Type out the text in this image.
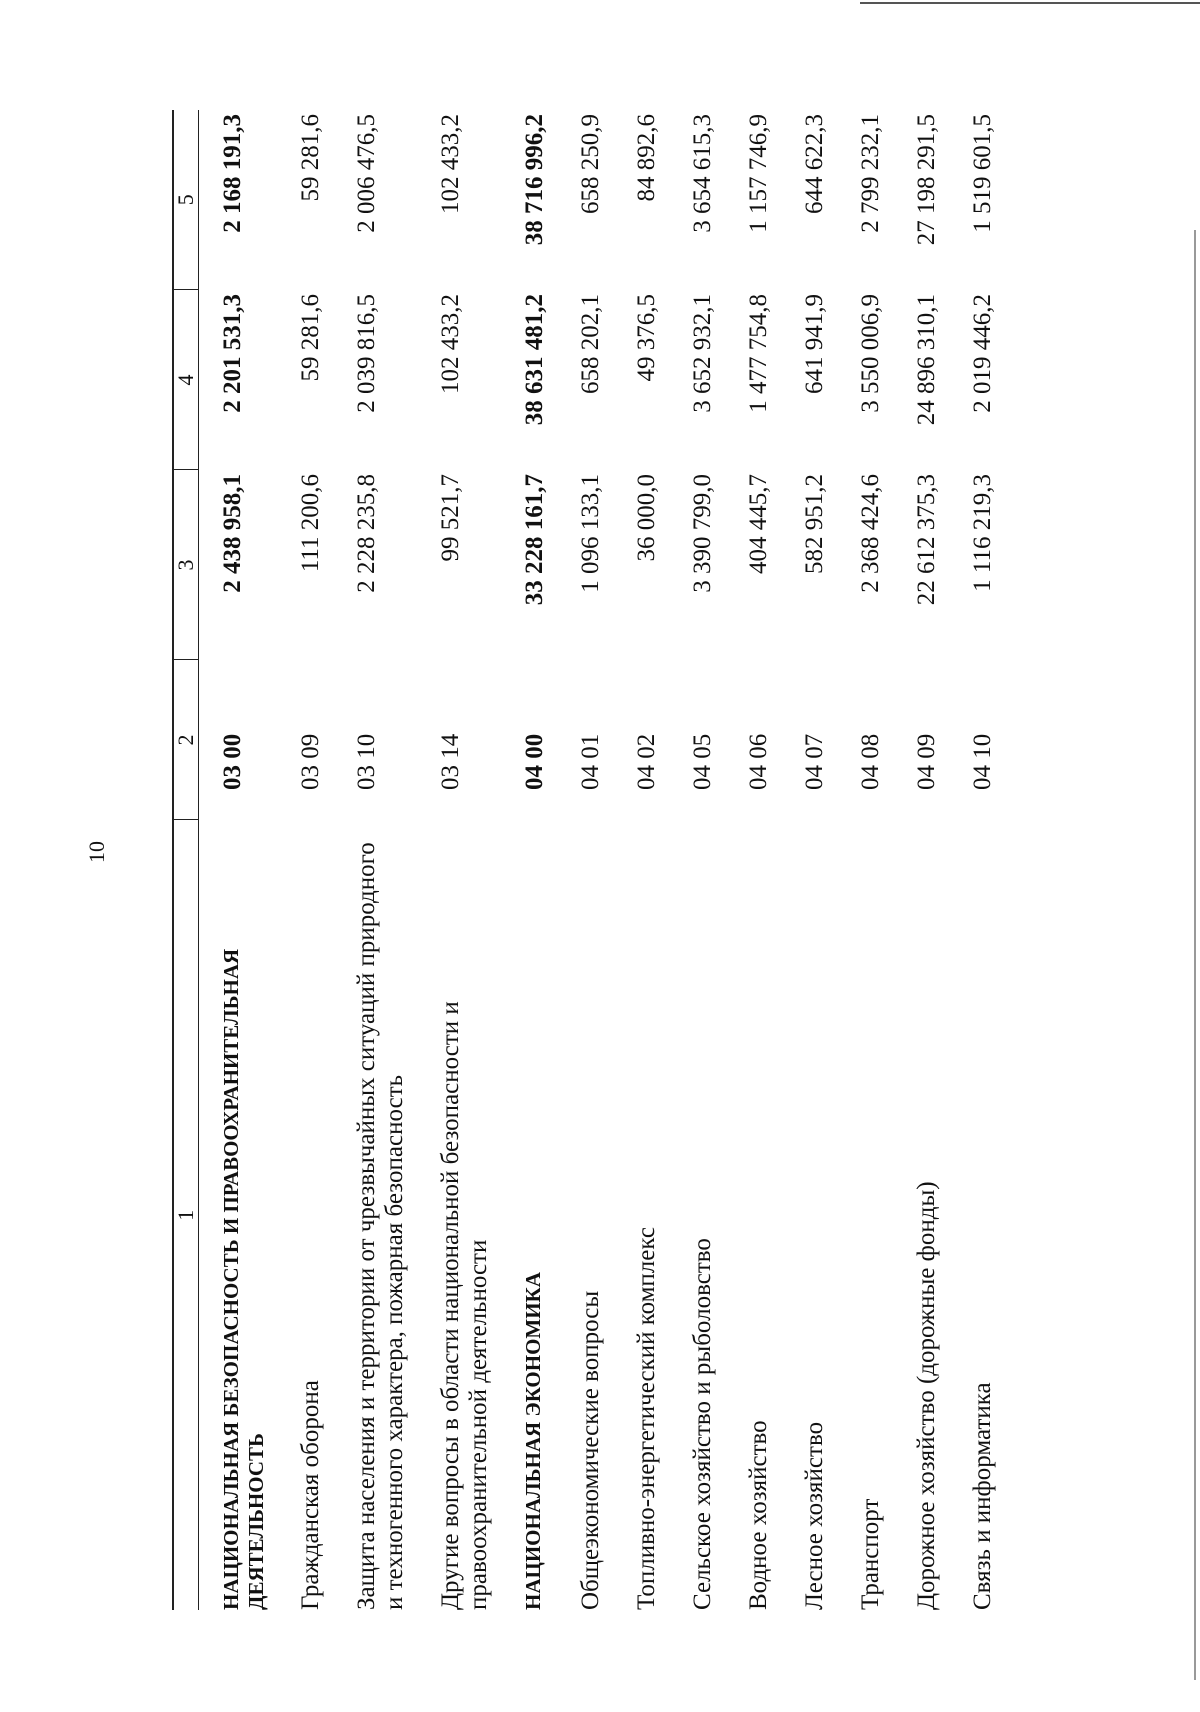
10
1	2	3	4	5
НАЦИОНАЛЬНАЯ БЕЗОПАСНОСТЬ И ПРАВООХРАНИТЕЛЬНАЯ ДЕЯТЕЛЬНОСТЬ	03 00	2 438 958,1	2 201 531,3	2 168 191,3
Гражданская оборона	03 09	111 200,6	59 281,6	59 281,6
Защита населения и территории от чрезвычайных ситуаций природного и техногенного характера, пожарная безопасность	03 10	2 228 235,8	2 039 816,5	2 006 476,5
Другие вопросы в области национальной безопасности и правоохранительной деятельности	03 14	99 521,7	102 433,2	102 433,2
НАЦИОНАЛЬНАЯ ЭКОНОМИКА	04 00	33 228 161,7	38 631 481,2	38 716 996,2
Общеэкономические вопросы	04 01	1 096 133,1	658 202,1	658 250,9
Топливно-энергетический комплекс	04 02	36 000,0	49 376,5	84 892,6
Сельское хозяйство и рыболовство	04 05	3 390 799,0	3 652 932,1	3 654 615,3
Водное хозяйство	04 06	404 445,7	1 477 754,8	1 157 746,9
Лесное хозяйство	04 07	582 951,2	641 941,9	644 622,3
Транспорт	04 08	2 368 424,6	3 550 006,9	2 799 232,1
Дорожное хозяйство (дорожные фонды)	04 09	22 612 375,3	24 896 310,1	27 198 291,5
Связь и информатика	04 10	1 116 219,3	2 019 446,2	1 519 601,5
